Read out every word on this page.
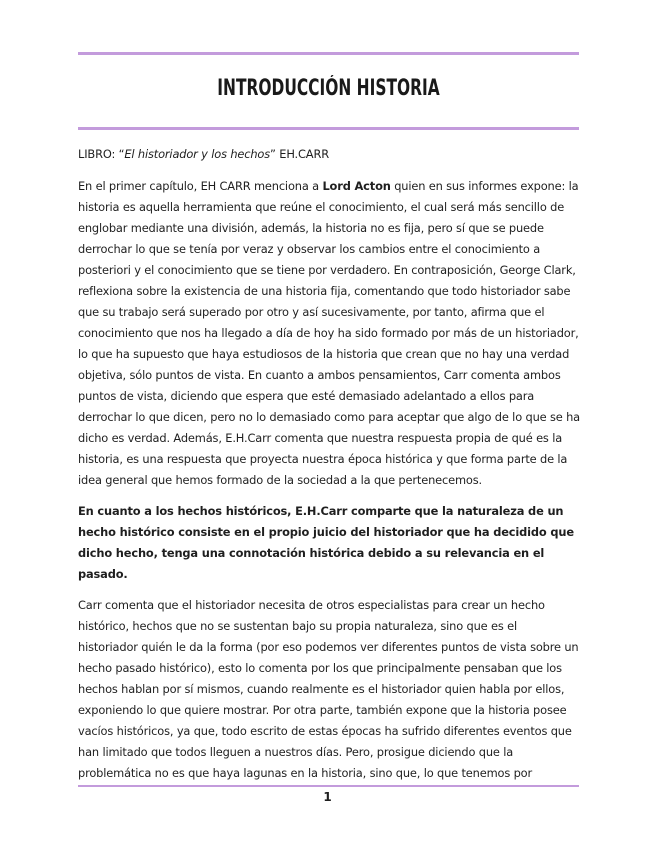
INTRODUCCIÓN HISTORIA

LIBRO: “El historiador y los hechos” EH.CARR

En el primer capítulo, EH CARR menciona a Lord Acton quien en sus informes expone: la historia es aquella herramienta que reúne el conocimiento, el cual será más sencillo de englobar mediante una división, además, la historia no es fija, pero sí que se puede derrochar lo que se tenía por veraz y observar los cambios entre el conocimiento a posteriori y el conocimiento que se tiene por verdadero. En contraposición, George Clark, reflexiona sobre la existencia de una historia fija, comentando que todo historiador sabe que su trabajo será superado por otro y así sucesivamente, por tanto, afirma que el conocimiento que nos ha llegado a día de hoy ha sido formado por más de un historiador, lo que ha supuesto que haya estudiosos de la historia que crean que no hay una verdad objetiva, sólo puntos de vista. En cuanto a ambos pensamientos, Carr comenta ambos puntos de vista, diciendo que espera que esté demasiado adelantado a ellos para derrochar lo que dicen, pero no lo demasiado como para aceptar que algo de lo que se ha dicho es verdad. Además, E.H.Carr comenta que nuestra respuesta propia de qué es la historia, es una respuesta que proyecta nuestra época histórica y que forma parte de la idea general que hemos formado de la sociedad a la que pertenecemos.

En cuanto a los hechos históricos, E.H.Carr comparte que la naturaleza de un hecho histórico consiste en el propio juicio del historiador que ha decidido que dicho hecho, tenga una connotación histórica debido a su relevancia en el pasado.

Carr comenta que el historiador necesita de otros especialistas para crear un hecho histórico, hechos que no se sustentan bajo su propia naturaleza, sino que es el historiador quién le da la forma (por eso podemos ver diferentes puntos de vista sobre un hecho pasado histórico), esto lo comenta por los que principalmente pensaban que los hechos hablan por sí mismos, cuando realmente es el historiador quien habla por ellos, exponiendo lo que quiere mostrar. Por otra parte, también expone que la historia posee vacíos históricos, ya que, todo escrito de estas épocas ha sufrido diferentes eventos que han limitado que todos lleguen a nuestros días. Pero, prosigue diciendo que la problemática no es que haya lagunas en la historia, sino que, lo que tenemos por

1
